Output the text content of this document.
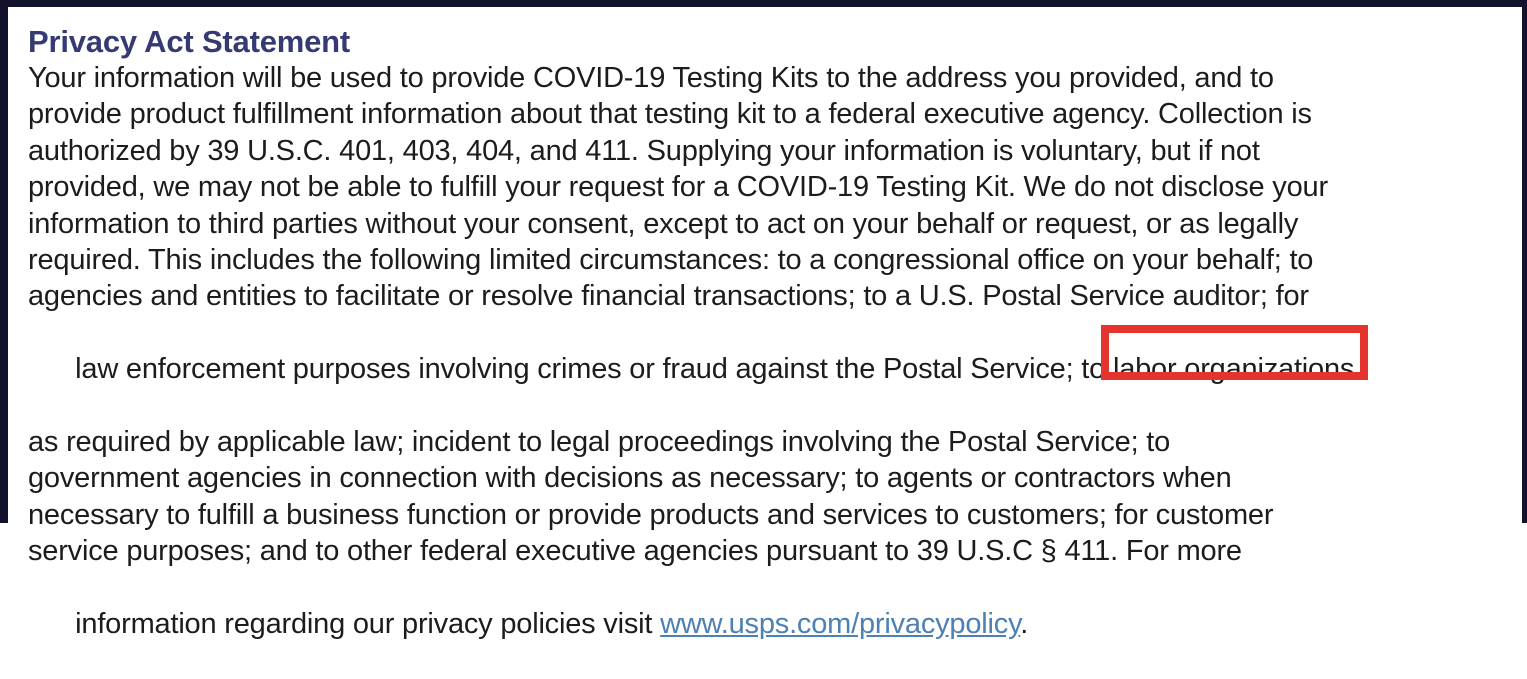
Privacy Act Statement
Your information will be used to provide COVID-19 Testing Kits to the address you provided, and to
provide product fulfillment information about that testing kit to a federal executive agency. Collection is
authorized by 39 U.S.C. 401, 403, 404, and 411. Supplying your information is voluntary, but if not
provided, we may not be able to fulfill your request for a COVID-19 Testing Kit. We do not disclose your
information to third parties without your consent, except to act on your behalf or request, or as legally
required. This includes the following limited circumstances: to a congressional office on your behalf; to
agencies and entities to facilitate or resolve financial transactions; to a U.S. Postal Service auditor; for

law enforcement purposes involving crimes or fraud against the Postal Service; to labor organizations

as required by applicable law; incident to legal proceedings involving the Postal Service; to
government agencies in connection with decisions as necessary; to agents or contractors when
necessary to fulfill a business function or provide products and services to customers; for customer
service purposes; and to other federal executive agencies pursuant to 39 U.S.C § 411. For more

information regarding our privacy policies visit www.usps.com/privacypolicy.
